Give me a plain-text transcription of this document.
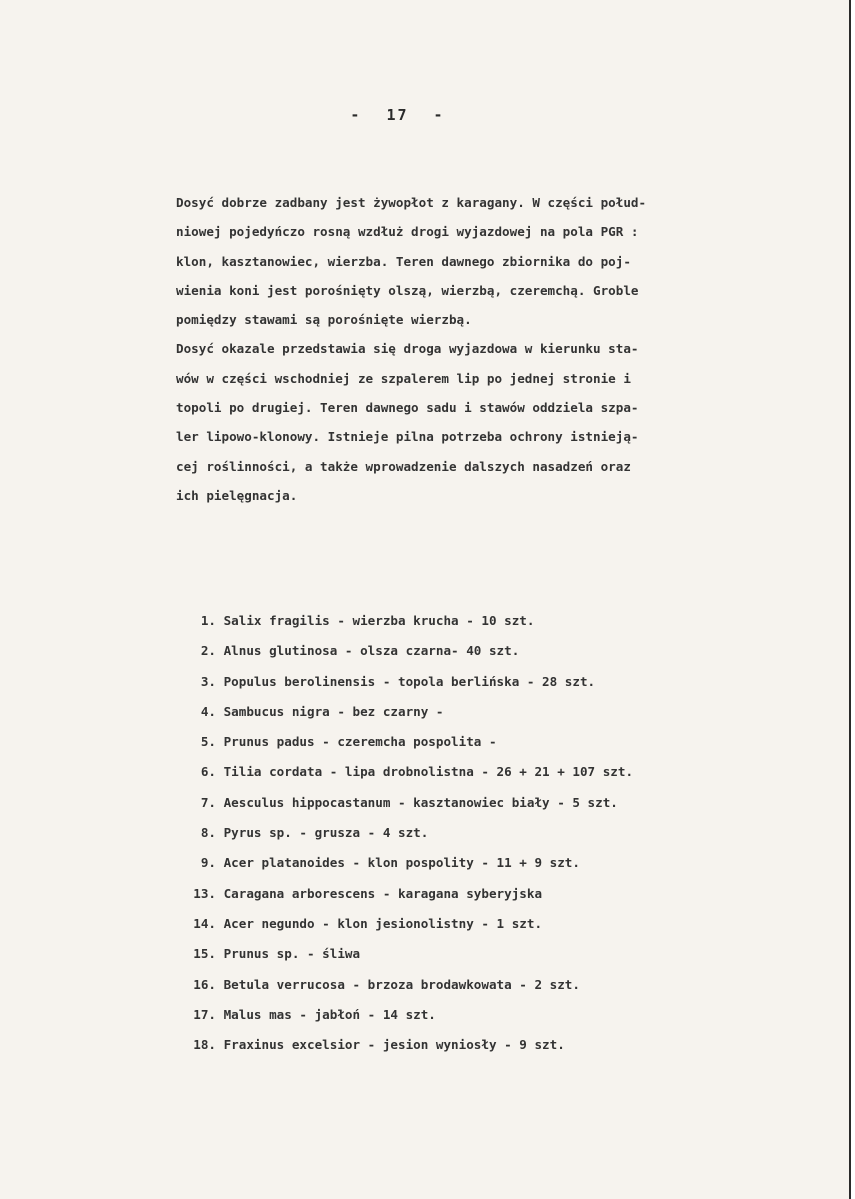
- 17 -
Dosyć dobrze zadbany jest żywopłot z karagany. W części połud-
niowej pojedyńczo rosną wzdłuż drogi wyjazdowej na pola PGR :
klon, kasztanowiec, wierzba. Teren dawnego zbiornika do poj-
wienia koni jest porośnięty olszą, wierzbą, czeremchą. Groble
pomiędzy stawami są porośnięte wierzbą.
Dosyć okazale przedstawia się droga wyjazdowa w kierunku sta-
wów w części wschodniej ze szpalerem lip po jednej stronie i
topoli po drugiej. Teren dawnego sadu i stawów oddziela szpa-
ler lipowo-klonowy. Istnieje pilna potrzeba ochrony istnieją-
cej roślinności, a także wprowadzenie dalszych nasadzeń oraz
ich pielęgnacja.
1. Salix fragilis - wierzba krucha - 10 szt.
2. Alnus glutinosa - olsza czarna- 40 szt.
3. Populus berolinensis - topola berlińska - 28 szt.
4. Sambucus nigra - bez czarny -
5. Prunus padus - czeremcha pospolita -
6. Tilia cordata - lipa drobnolistna - 26 + 21 + 107 szt.
7. Aesculus hippocastanum - kasztanowiec biały - 5 szt.
8. Pyrus sp. - grusza - 4 szt.
9. Acer platanoides - klon pospolity - 11 + 9 szt.
13. Caragana arborescens - karagana syberyjska
14. Acer negundo - klon jesionolistny - 1 szt.
15. Prunus sp. - śliwa
16. Betula verrucosa - brzoza brodawkowata - 2 szt.
17. Malus mas - jabłoń - 14 szt.
18. Fraxinus excelsior - jesion wyniosły - 9 szt.
